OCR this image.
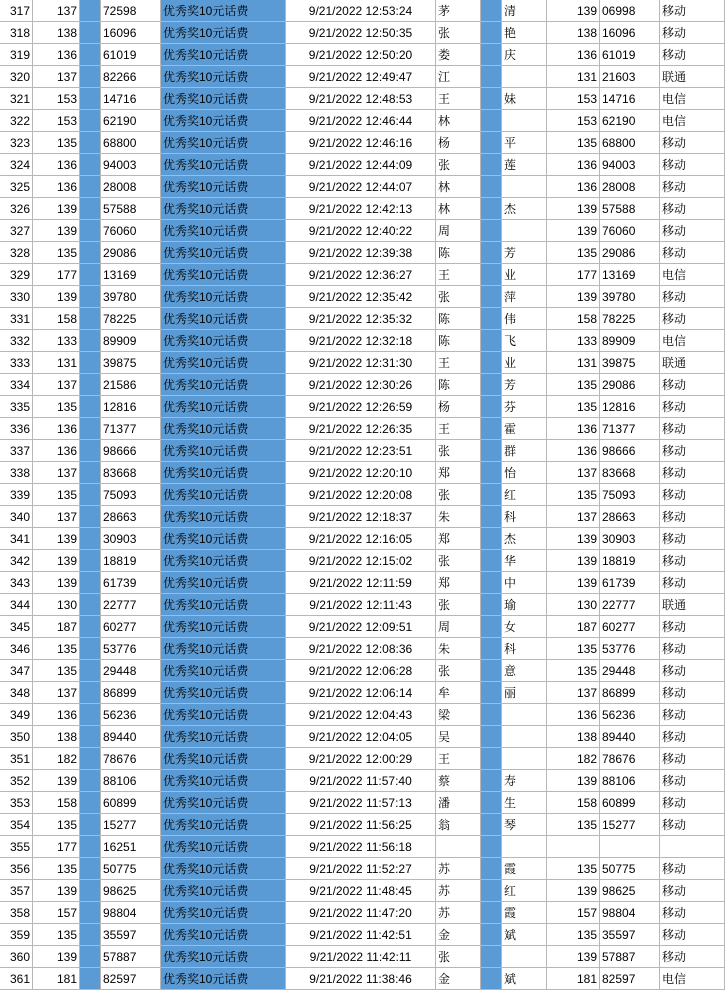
317	137		72598	优秀奖10元话费	9/21/2022 12:53:24	茅		清	139	06998	移动
318	138		16096	优秀奖10元话费	9/21/2022 12:50:35	张		艳	138	16096	移动
319	136		61019	优秀奖10元话费	9/21/2022 12:50:20	娄		庆	136	61019	移动
320	137		82266	优秀奖10元话费	9/21/2022 12:49:47	江			131	21603	联通
321	153		14716	优秀奖10元话费	9/21/2022 12:48:53	王		妹	153	14716	电信
322	153		62190	优秀奖10元话费	9/21/2022 12:46:44	林			153	62190	电信
323	135		68800	优秀奖10元话费	9/21/2022 12:46:16	杨		平	135	68800	移动
324	136		94003	优秀奖10元话费	9/21/2022 12:44:09	张		莲	136	94003	移动
325	136		28008	优秀奖10元话费	9/21/2022 12:44:07	林			136	28008	移动
326	139		57588	优秀奖10元话费	9/21/2022 12:42:13	林		杰	139	57588	移动
327	139		76060	优秀奖10元话费	9/21/2022 12:40:22	周			139	76060	移动
328	135		29086	优秀奖10元话费	9/21/2022 12:39:38	陈		芳	135	29086	移动
329	177		13169	优秀奖10元话费	9/21/2022 12:36:27	王		业	177	13169	电信
330	139		39780	优秀奖10元话费	9/21/2022 12:35:42	张		萍	139	39780	移动
331	158		78225	优秀奖10元话费	9/21/2022 12:35:32	陈		伟	158	78225	移动
332	133		89909	优秀奖10元话费	9/21/2022 12:32:18	陈		飞	133	89909	电信
333	131		39875	优秀奖10元话费	9/21/2022 12:31:30	王		业	131	39875	联通
334	137		21586	优秀奖10元话费	9/21/2022 12:30:26	陈		芳	135	29086	移动
335	135		12816	优秀奖10元话费	9/21/2022 12:26:59	杨		芬	135	12816	移动
336	136		71377	优秀奖10元话费	9/21/2022 12:26:35	王		霍	136	71377	移动
337	136		98666	优秀奖10元话费	9/21/2022 12:23:51	张		群	136	98666	移动
338	137		83668	优秀奖10元话费	9/21/2022 12:20:10	郑		怡	137	83668	移动
339	135		75093	优秀奖10元话费	9/21/2022 12:20:08	张		红	135	75093	移动
340	137		28663	优秀奖10元话费	9/21/2022 12:18:37	朱		科	137	28663	移动
341	139		30903	优秀奖10元话费	9/21/2022 12:16:05	郑		杰	139	30903	移动
342	139		18819	优秀奖10元话费	9/21/2022 12:15:02	张		华	139	18819	移动
343	139		61739	优秀奖10元话费	9/21/2022 12:11:59	郑		中	139	61739	移动
344	130		22777	优秀奖10元话费	9/21/2022 12:11:43	张		瑜	130	22777	联通
345	187		60277	优秀奖10元话费	9/21/2022 12:09:51	周		女	187	60277	移动
346	135		53776	优秀奖10元话费	9/21/2022 12:08:36	朱		科	135	53776	移动
347	135		29448	优秀奖10元话费	9/21/2022 12:06:28	张		意	135	29448	移动
348	137		86899	优秀奖10元话费	9/21/2022 12:06:14	牟		丽	137	86899	移动
349	136		56236	优秀奖10元话费	9/21/2022 12:04:43	梁			136	56236	移动
350	138		89440	优秀奖10元话费	9/21/2022 12:04:05	吴			138	89440	移动
351	182		78676	优秀奖10元话费	9/21/2022 12:00:29	王			182	78676	移动
352	139		88106	优秀奖10元话费	9/21/2022 11:57:40	蔡		寿	139	88106	移动
353	158		60899	优秀奖10元话费	9/21/2022 11:57:13	潘		生	158	60899	移动
354	135		15277	优秀奖10元话费	9/21/2022 11:56:25	翁		琴	135	15277	移动
355	177		16251	优秀奖10元话费	9/21/2022 11:56:18						
356	135		50775	优秀奖10元话费	9/21/2022 11:52:27	苏		霞	135	50775	移动
357	139		98625	优秀奖10元话费	9/21/2022 11:48:45	苏		红	139	98625	移动
358	157		98804	优秀奖10元话费	9/21/2022 11:47:20	苏		霞	157	98804	移动
359	135		35597	优秀奖10元话费	9/21/2022 11:42:51	金		斌	135	35597	移动
360	139		57887	优秀奖10元话费	9/21/2022 11:42:11	张			139	57887	移动
361	181		82597	优秀奖10元话费	9/21/2022 11:38:46	金		斌	181	82597	电信
